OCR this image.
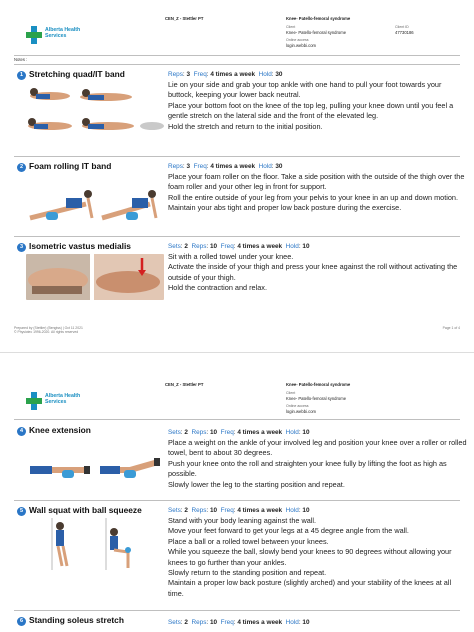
Alberta Health
Services
CEN_Z - Stettler PT	Knee- Patello-femoral syndrome
Client
Knee- Patello-femoral syndrome
Client ID
47730186
Online access
login.webbi.com
Notes :
1 Stretching quad/IT band	Reps: 3 Freq: 4 times a week Hold: 30

Lie on your side and grab your top ankle with one hand to pull your foot towards your buttock, keeping your lower back neutral.

Place your bottom foot on the knee of the top leg, pulling your knee down until you feel a gentle stretch on the lateral side and the front of the elevated leg.

Hold the stretch and return to the initial position.

2 Foam rolling IT band	Reps: 3 Freq: 4 times a week Hold: 30

Place your foam roller on the floor. Take a side position with the outside of the thigh over the foam roller and your other leg in front for support.

Roll the entire outside of your leg from your pelvis to your knee in an up and down motion.

Maintain your abs tight and proper low back posture during the exercise.

3 Isometric vastus medialis	Sets: 2 Reps: 10 Freq: 4 times a week Hold: 10

Sit with a rolled towel under your knee.

Activate the inside of your thigh and press your knee against the roll without activating the outside of your thigh.

Hold the contraction and relax.

Prepared by (Stettler) (Bengtss) | Oct 11 2021
© Physiotec 1996-2020. All rights reserved
Page 1 of 4
Alberta Health
Services
CEN_Z - Stettler PT	Knee- Patello-femoral syndrome
Client
Knee- Patello-femoral syndrome
Online access
login.webbi.com
4 Knee extension	Sets: 2 Reps: 10 Freq: 4 times a week Hold: 10

Place a weight on the ankle of your involved leg and position your knee over a roller or rolled towel, bent to about 30 degrees.

Push your knee onto the roll and straighten your knee fully by lifting the foot as high as possible.

Slowly lower the leg to the starting position and repeat.

5 Wall squat with ball squeeze	Sets: 2 Reps: 10 Freq: 4 times a week Hold: 10

Stand with your body leaning against the wall.

Move your feet forward to get your legs at a 45 degree angle from the wall.

Place a ball or a rolled towel between your knees.

While you squeeze the ball, slowly bend your knees to 90 degrees without allowing your knees to go further than your ankles.

Slowly return to the standing position and repeat.

Maintain a proper low back posture (slightly arched) and your stability of the knees at all time.

6 Standing soleus stretch	Sets: 2 Reps: 10 Freq: 4 times a week Hold: 10
